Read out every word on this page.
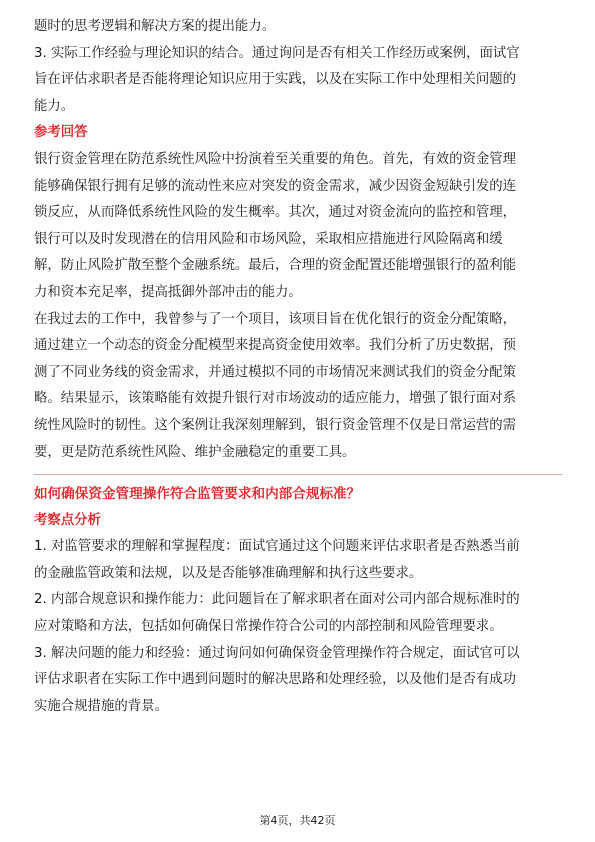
题时的思考逻辑和解决方案的提出能力。
3. 实际工作经验与理论知识的结合。通过询问是否有相关工作经历或案例，面试官
旨在评估求职者是否能将理论知识应用于实践，以及在实际工作中处理相关问题的
能力。
参考回答
银行资金管理在防范系统性风险中扮演着至关重要的角色。首先，有效的资金管理
能够确保银行拥有足够的流动性来应对突发的资金需求，减少因资金短缺引发的连
锁反应，从而降低系统性风险的发生概率。其次，通过对资金流向的监控和管理，
银行可以及时发现潜在的信用风险和市场风险，采取相应措施进行风险隔离和缓
解，防止风险扩散至整个金融系统。最后，合理的资金配置还能增强银行的盈利能
力和资本充足率，提高抵御外部冲击的能力。
在我过去的工作中，我曾参与了一个项目，该项目旨在优化银行的资金分配策略，
通过建立一个动态的资金分配模型来提高资金使用效率。我们分析了历史数据，预
测了不同业务线的资金需求，并通过模拟不同的市场情况来测试我们的资金分配策
略。结果显示，该策略能有效提升银行对市场波动的适应能力，增强了银行面对系
统性风险时的韧性。这个案例让我深刻理解到，银行资金管理不仅是日常运营的需
要，更是防范系统性风险、维护金融稳定的重要工具。
如何确保资金管理操作符合监管要求和内部合规标准？
考察点分析
1. 对监管要求的理解和掌握程度：面试官通过这个问题来评估求职者是否熟悉当前
的金融监管政策和法规，以及是否能够准确理解和执行这些要求。
2. 内部合规意识和操作能力：此问题旨在了解求职者在面对公司内部合规标准时的
应对策略和方法，包括如何确保日常操作符合公司的内部控制和风险管理要求。
3. 解决问题的能力和经验：通过询问如何确保资金管理操作符合规定，面试官可以
评估求职者在实际工作中遇到问题时的解决思路和处理经验，以及他们是否有成功
实施合规措施的背景。
第4页，共42页
